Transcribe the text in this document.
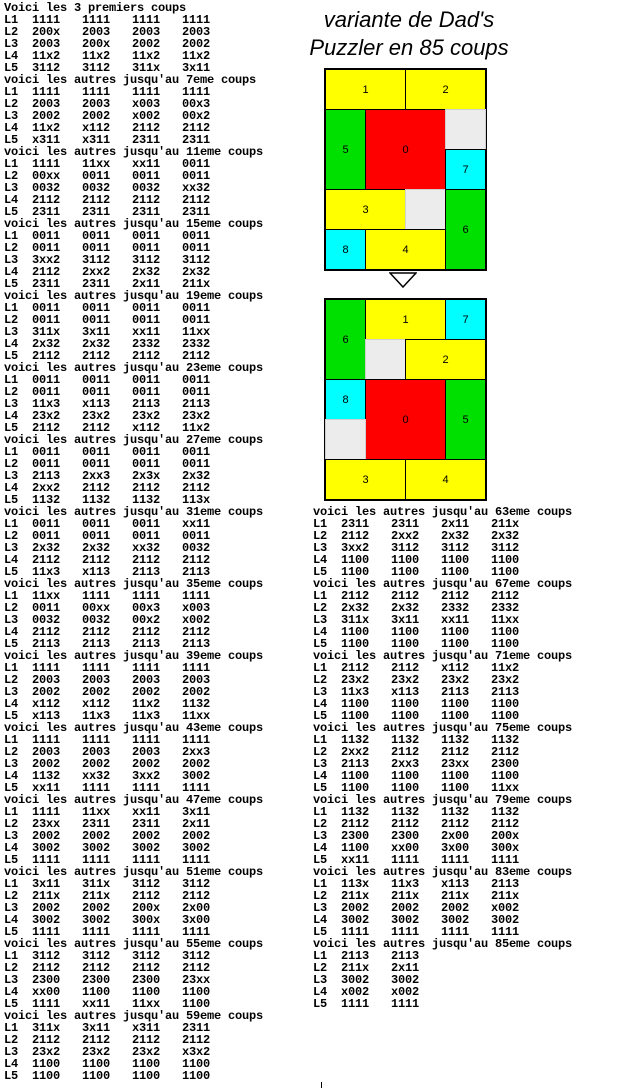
variante de Dad's
Puzzler en 85 coups
1	2
5	0
7
3
6
8	4
6
1	7
2
8
0	5
3	4
Voici les 3 premiers coups
L1 1111 1111 1111 1111
L2 200x 2003 2003 2003
L3 2003 200x 2002 2002
L4 11x2 11x2 11x2 11x2
L5 3112 3112 311x 3x11
voici les autres jusqu'au 7eme coups
L1 1111 1111 1111 1111
L2 2003 2003 x003 00x3
L3 2002 2002 x002 00x2
L4 11x2 x112 2112 2112
L5 x311 x311 2311 2311
voici les autres jusqu'au 11eme coups
L1 1111 11xx xx11 0011
L2 00xx 0011 0011 0011
L3 0032 0032 0032 xx32
L4 2112 2112 2112 2112
L5 2311 2311 2311 2311
voici les autres jusqu'au 15eme coups
L1 0011 0011 0011 0011
L2 0011 0011 0011 0011
L3 3xx2 3112 3112 3112
L4 2112 2xx2 2x32 2x32
L5 2311 2311 2x11 211x
voici les autres jusqu'au 19eme coups
L1 0011 0011 0011 0011
L2 0011 0011 0011 0011
L3 311x 3x11 xx11 11xx
L4 2x32 2x32 2332 2332
L5 2112 2112 2112 2112
voici les autres jusqu'au 23eme coups
L1 0011 0011 0011 0011
L2 0011 0011 0011 0011
L3 11x3 x113 2113 2113
L4 23x2 23x2 23x2 23x2
L5 2112 2112 x112 11x2
voici les autres jusqu'au 27eme coups
L1 0011 0011 0011 0011
L2 0011 0011 0011 0011
L3 2113 2xx3 2x3x 2x32
L4 2xx2 2112 2112 2112
L5 1132 1132 1132 113x
voici les autres jusqu'au 31eme coups
L1 0011 0011 0011 xx11
L2 0011 0011 0011 0011
L3 2x32 2x32 xx32 0032
L4 2112 2112 2112 2112
L5 11x3 x113 2113 2113
voici les autres jusqu'au 35eme coups
L1 11xx 1111 1111 1111
L2 0011 00xx 00x3 x003
L3 0032 0032 00x2 x002
L4 2112 2112 2112 2112
L5 2113 2113 2113 2113
voici les autres jusqu'au 39eme coups
L1 1111 1111 1111 1111
L2 2003 2003 2003 2003
L3 2002 2002 2002 2002
L4 x112 x112 11x2 1132
L5 x113 11x3 11x3 11xx
voici les autres jusqu'au 43eme coups
L1 1111 1111 1111 1111
L2 2003 2003 2003 2xx3
L3 2002 2002 2002 2002
L4 1132 xx32 3xx2 3002
L5 xx11 1111 1111 1111
voici les autres jusqu'au 47eme coups
L1 1111 11xx xx11 3x11
L2 23xx 2311 2311 2x11
L3 2002 2002 2002 2002
L4 3002 3002 3002 3002
L5 1111 1111 1111 1111
voici les autres jusqu'au 51eme coups
L1 3x11 311x 3112 3112
L2 211x 211x 2112 2112
L3 2002 2002 200x 2x00
L4 3002 3002 300x 3x00
L5 1111 1111 1111 1111
voici les autres jusqu'au 55eme coups
L1 3112 3112 3112 3112
L2 2112 2112 2112 2112
L3 2300 2300 2300 23xx
L4 xx00 1100 1100 1100
L5 1111 xx11 11xx 1100
voici les autres jusqu'au 59eme coups
L1 311x 3x11 x311 2311
L2 2112 2112 2112 2112
L3 23x2 23x2 23x2 x3x2
L4 1100 1100 1100 1100
L5 1100 1100 1100 1100
voici les autres jusqu'au 63eme coups
L1 2311 2311 2x11 211x
L2 2112 2xx2 2x32 2x32
L3 3xx2 3112 3112 3112
L4 1100 1100 1100 1100
L5 1100 1100 1100 1100
voici les autres jusqu'au 67eme coups
L1 2112 2112 2112 2112
L2 2x32 2x32 2332 2332
L3 311x 3x11 xx11 11xx
L4 1100 1100 1100 1100
L5 1100 1100 1100 1100
voici les autres jusqu'au 71eme coups
L1 2112 2112 x112 11x2
L2 23x2 23x2 23x2 23x2
L3 11x3 x113 2113 2113
L4 1100 1100 1100 1100
L5 1100 1100 1100 1100
voici les autres jusqu'au 75eme coups
L1 1132 1132 1132 1132
L2 2xx2 2112 2112 2112
L3 2113 2xx3 23xx 2300
L4 1100 1100 1100 1100
L5 1100 1100 1100 11xx
voici les autres jusqu'au 79eme coups
L1 1132 1132 1132 1132
L2 2112 2112 2112 2112
L3 2300 2300 2x00 200x
L4 1100 xx00 3x00 300x
L5 xx11 1111 1111 1111
voici les autres jusqu'au 83eme coups
L1 113x 11x3 x113 2113
L2 211x 211x 211x 211x
L3 2002 2002 2002 x002
L4 3002 3002 3002 3002
L5 1111 1111 1111 1111
voici les autres jusqu'au 85eme coups
L1 2113 2113
L2 211x 2x11
L3 3002 3002
L4 x002 x002
L5 1111 1111
